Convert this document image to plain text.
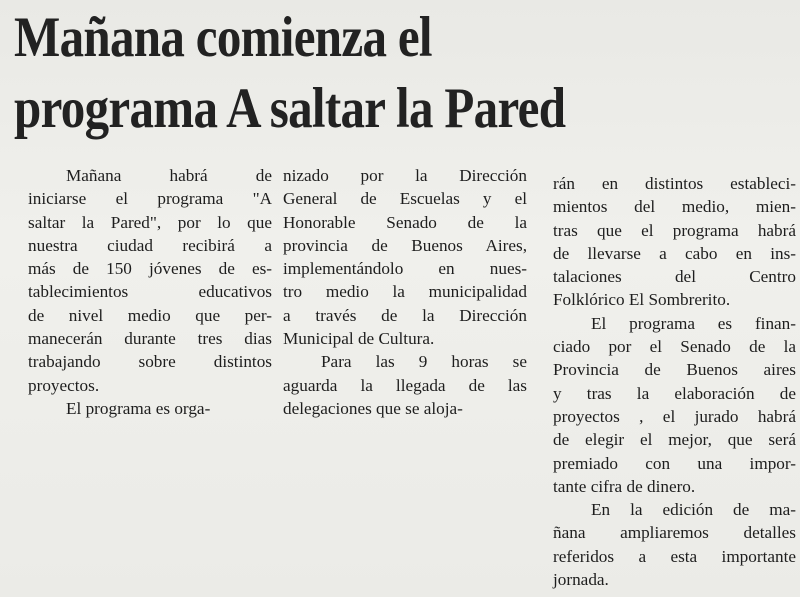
Mañana comienza el
programa A saltar la Pared
Mañana habrá de
iniciarse el programa "A
saltar la Pared", por lo que
nuestra ciudad recibirá a
más de 150 jóvenes de es-
tablecimientos educativos
de nivel medio que per-
manecerán durante tres dias
trabajando sobre distintos
proyectos.
El programa es orga-
nizado por la Dirección
General de Escuelas y el
Honorable Senado de la
provincia de Buenos Aires,
implementándolo en nues-
tro medio la municipalidad
a través de la Dirección
Municipal de Cultura.
Para las 9 horas se
aguarda la llegada de las
delegaciones que se aloja-
rán en distintos estableci-
mientos del medio, mien-
tras que el programa habrá
de llevarse a cabo en ins-
talaciones del Centro
Folklórico El Sombrerito.
El programa es finan-
ciado por el Senado de la
Provincia de Buenos aires
y tras la elaboración de
proyectos , el jurado habrá
de elegir el mejor, que será
premiado con una impor-
tante cifra de dinero.
En la edición de ma-
ñana ampliaremos detalles
referidos a esta importante
jornada.
